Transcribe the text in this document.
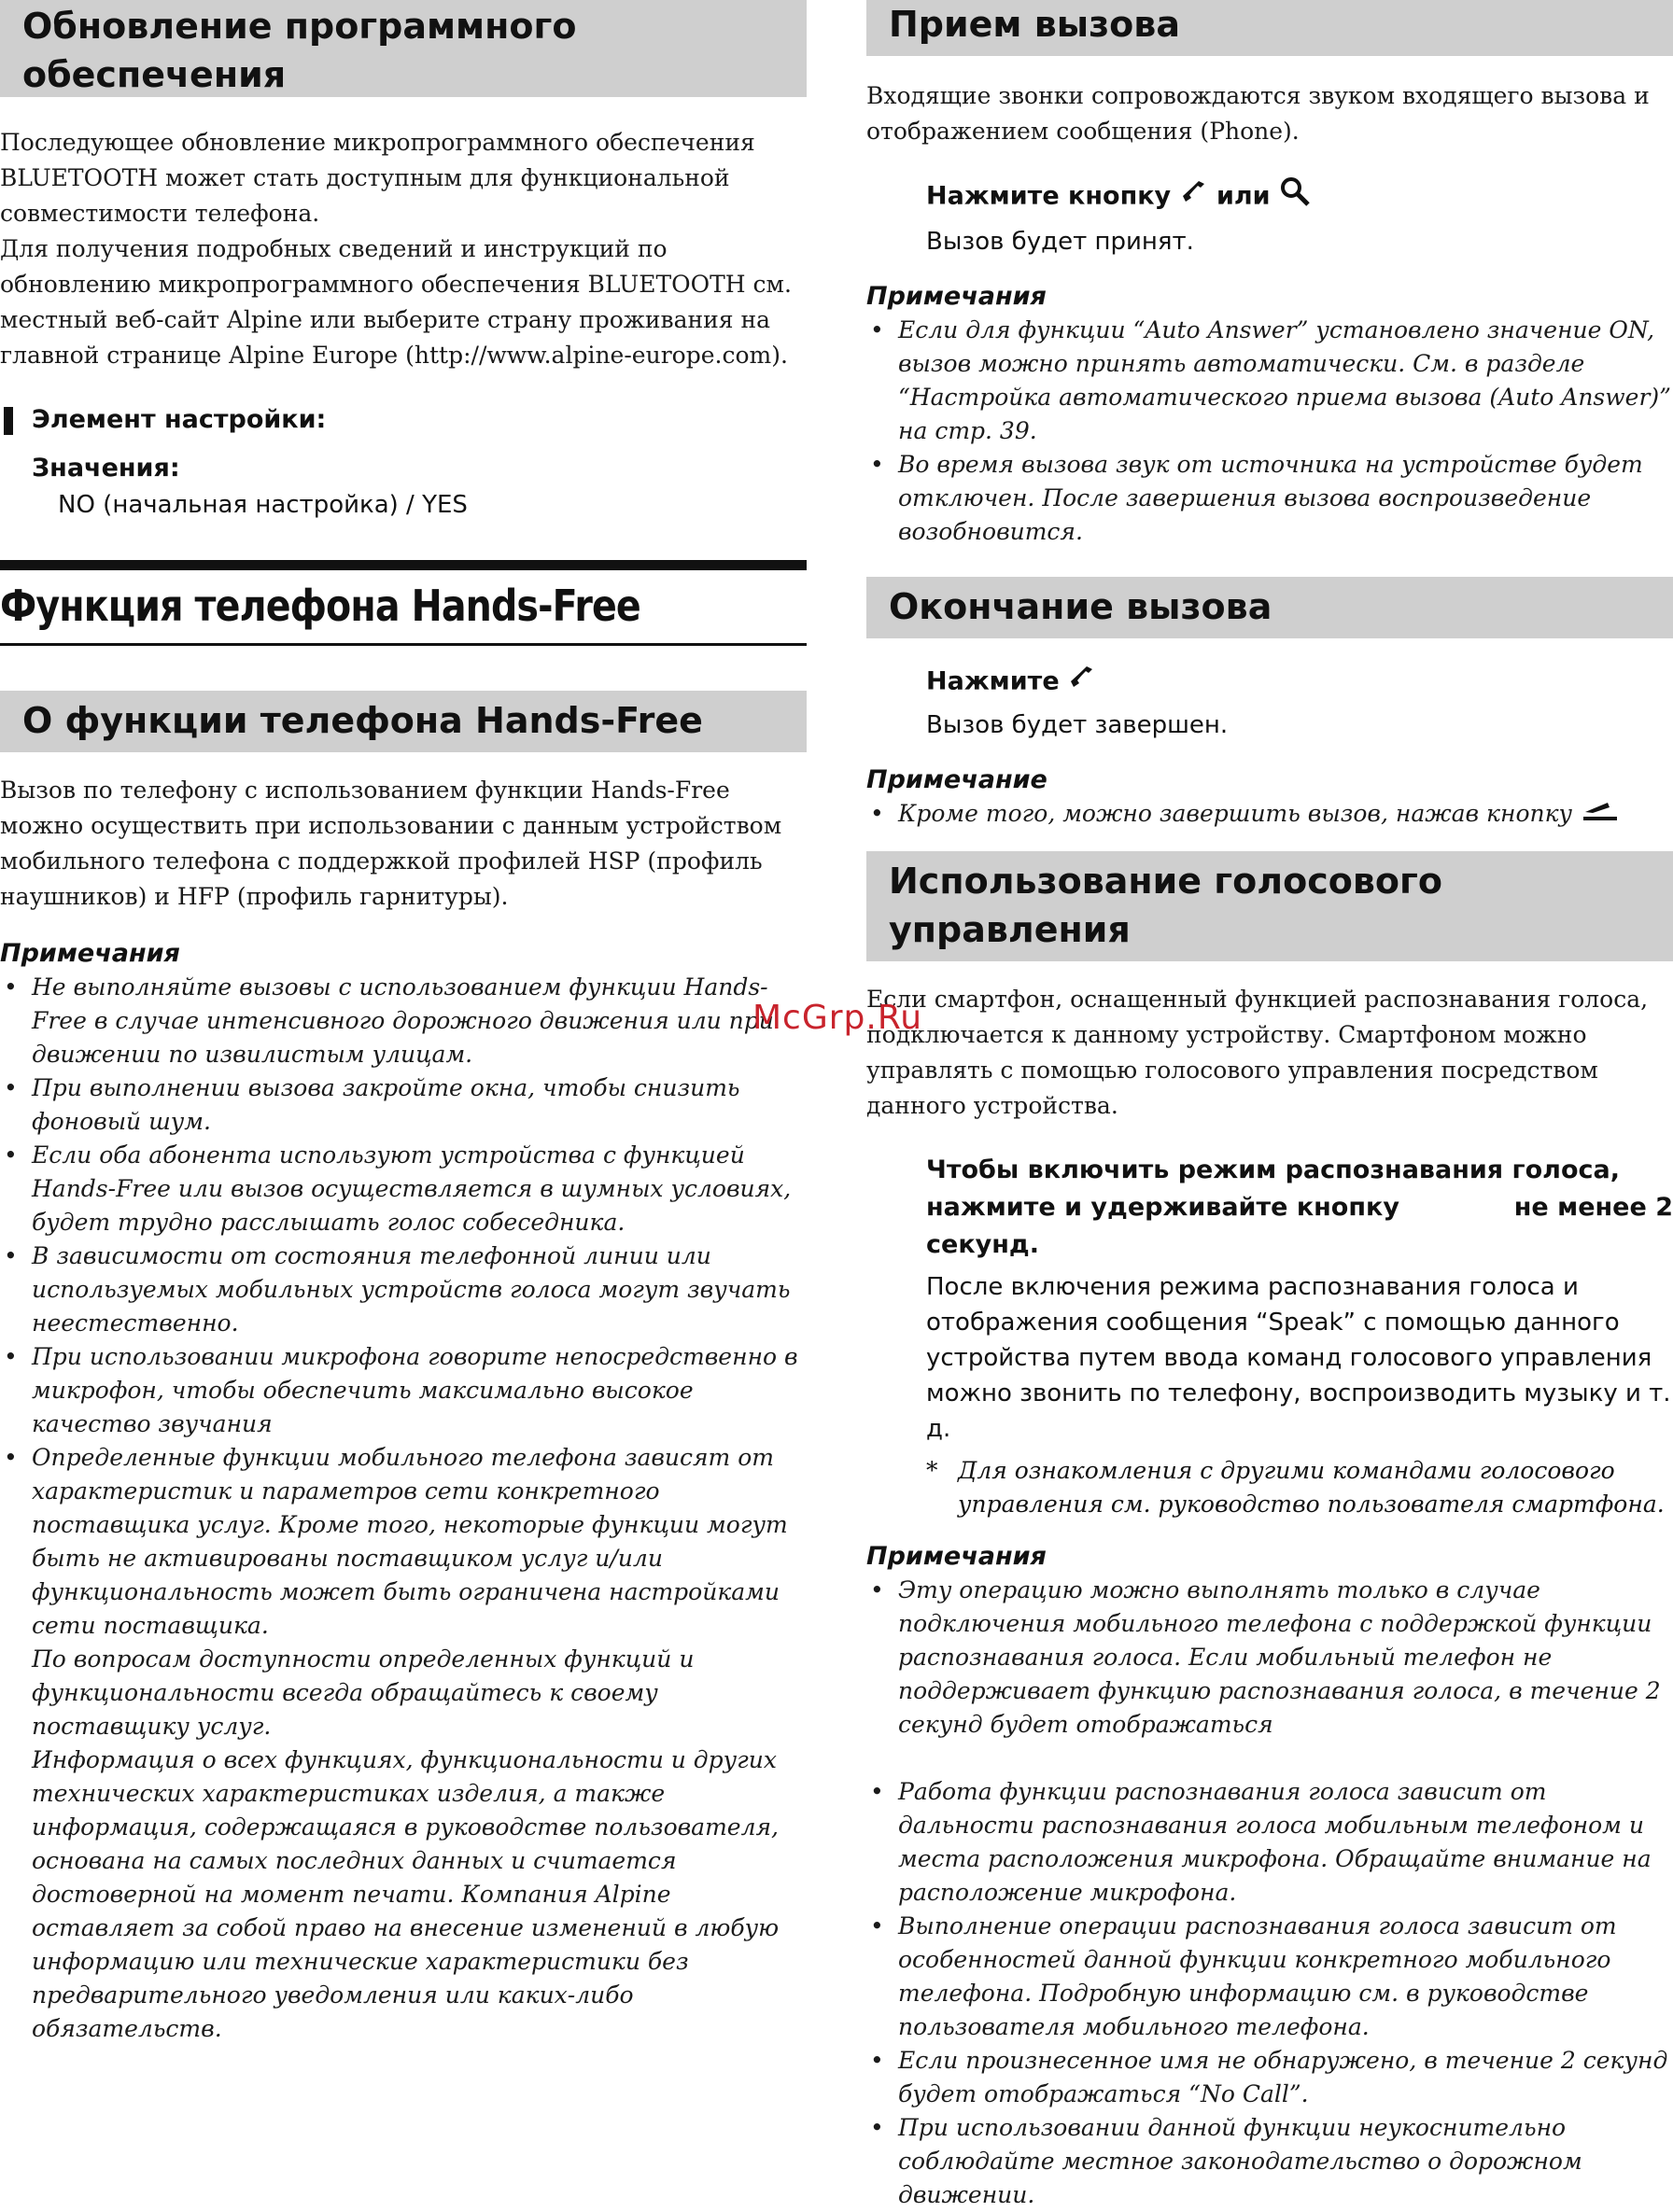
Обновление программного обеспечения

Последующее обновление микропрограммного обеспечения BLUETOOTH может стать доступным для функциональной совместимости телефона.

Для получения подробных сведений и инструкций по обновлению микропрограммного обеспечения BLUETOOTH см. местный веб-сайт Alpine или выберите страну проживания на главной странице Alpine Europe (http://www.alpine-europe.com).

Элемент настройки:
Значения:
NO (начальная настройка) / YES
Функция телефона Hands-Free
О функции телефона Hands-Free

Вызов по телефону с использованием функции Hands-Free можно осуществить при использовании с данным устройством мобильного телефона с поддержкой профилей HSP (профиль наушников) и HFP (профиль гарнитуры).

Примечания

• Не выполняйте вызовы с использованием функции Hands-Free в случае интенсивного дорожного движения или при движении по извилистым улицам.
• При выполнении вызова закройте окна, чтобы снизить фоновый шум.
• Если оба абонента используют устройства с функцией Hands-Free или вызов осуществляется в шумных условиях, будет трудно расслышать голос собеседника.
• В зависимости от состояния телефонной линии или используемых мобильных устройств голоса могут звучать неестественно.
• При использовании микрофона говорите непосредственно в микрофон, чтобы обеспечить максимально высокое качество звучания
• Определенные функции мобильного телефона зависят от характеристик и параметров сети конкретного поставщика услуг. Кроме того, некоторые функции могут быть не активированы поставщиком услуг и/или функциональность может быть ограничена настройками сети поставщика.
По вопросам доступности определенных функций и функциональности всегда обращайтесь к своему поставщику услуг.
Информация о всех функциях, функциональности и других технических характеристиках изделия, а также информация, содержащаяся в руководстве пользователя, основана на самых последних данных и считается достоверной на момент печати. Компания Alpine оставляет за собой право на внесение изменений в любую информацию или технические характеристики без предварительного уведомления или каких-либо обязательств.
Прием вызова

Входящие звонки сопровождаются звуком входящего вызова и отображением сообщения (Phone).

Нажмите кнопку или

Вызов будет принят.

Примечания

• Если для функции “Auto Answer” установлено значение ON, вызов можно принять автоматически. См. в разделе “Настройка автоматического приема вызова (Auto Answer)” на стр. 39.
• Во время вызова звук от источника на устройстве будет отключен. После завершения вызова воспроизведение возобновится.
Окончание вызова

Нажмите

Вызов будет завершен.

Примечание

• Кроме того, можно завершить вызов, нажав кнопку
Использование голосового управления

Если смартфон, оснащенный функцией распознавания голоса, подключается к данному устройству. Смартфоном можно управлять с помощью голосового управления посредством данного устройства.

Чтобы включить режим распознавания голоса,

нажмите и удерживайте кнопку	не менее 2

секунд.

После включения режима распознавания голоса и отображения сообщения “Speak” с помощью данного устройства путем ввода команд голосового управления можно звонить по телефону, воспроизводить музыку и т. д.

* Для ознакомления с другими командами голосового управления см. руководство пользователя смартфона.

Примечания

• Эту операцию можно выполнять только в случае подключения мобильного телефона с поддержкой функции распознавания голоса. Если мобильный телефон не поддерживает функцию распознавания голоса, в течение 2 секунд будет отображаться
• Работа функции распознавания голоса зависит от дальности распознавания голоса мобильным телефоном и места расположения микрофона. Обращайте внимание на расположение микрофона.
• Выполнение операции распознавания голоса зависит от особенностей данной функции конкретного мобильного телефона. Подробную информацию см. в руководстве пользователя мобильного телефона.
• Если произнесенное имя не обнаружено, в течение 2 секунд будет отображаться “No Call”.
• При использовании данной функции неукоснительно соблюдайте местное законодательство о дорожном движении.
McGrp.Ru
